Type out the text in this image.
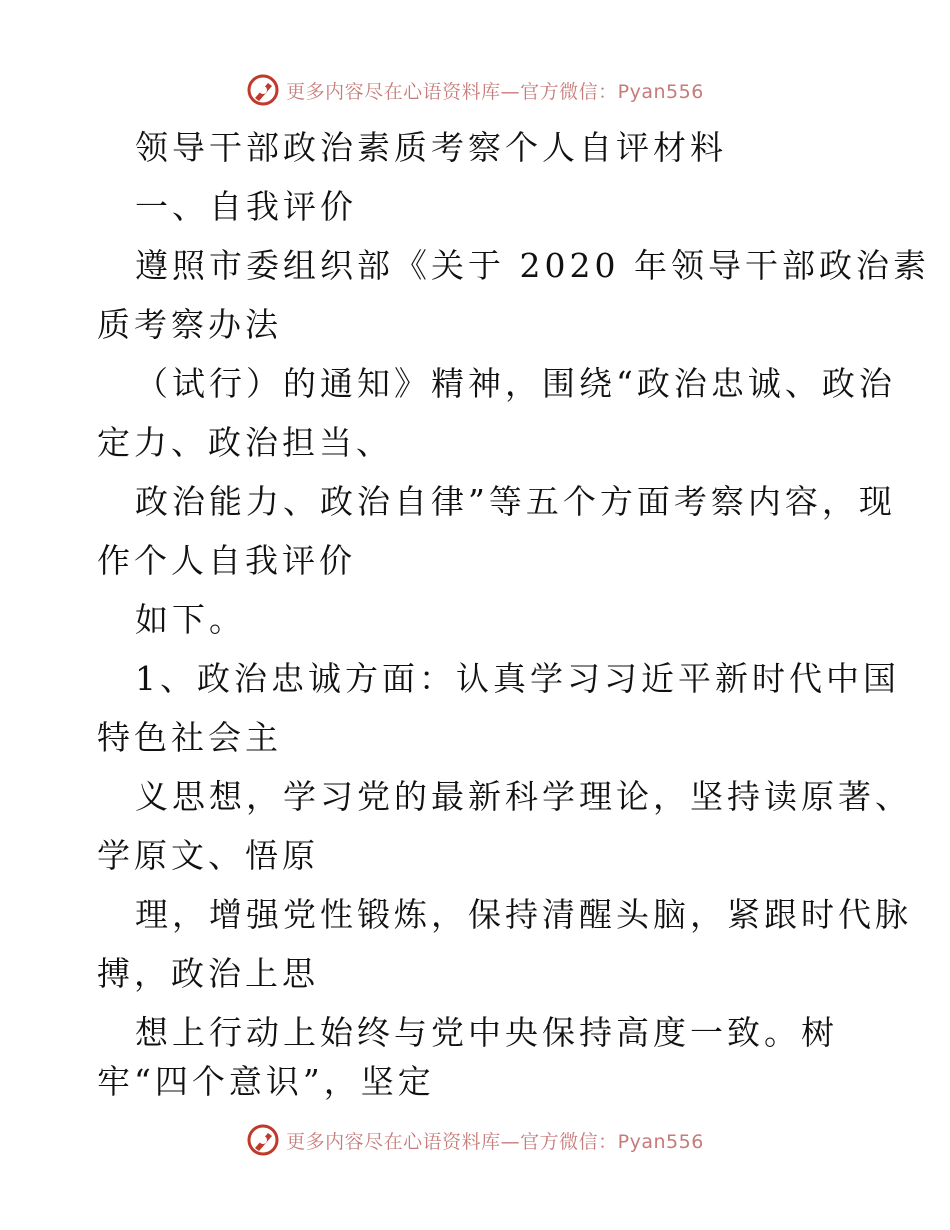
更多内容尽在心语资料库—官方微信：Pyan556
领导干部政治素质考察个人自评材料
一、自我评价
遵照市委组织部《关于 2020 年领导干部政治素
质考察办法
（试行）的通知》精神，围绕“政治忠诚、政治
定力、政治担当、
政治能力、政治自律”等五个方面考察内容，现
作个人自我评价
如下。
1、政治忠诚方面：认真学习习近平新时代中国
特色社会主
义思想，学习党的最新科学理论，坚持读原著、
学原文、悟原
理，增强党性锻炼，保持清醒头脑，紧跟时代脉
搏，政治上思
想上行动上始终与党中央保持高度一致。树
牢“四个意识”，坚定
更多内容尽在心语资料库—官方微信：Pyan556
